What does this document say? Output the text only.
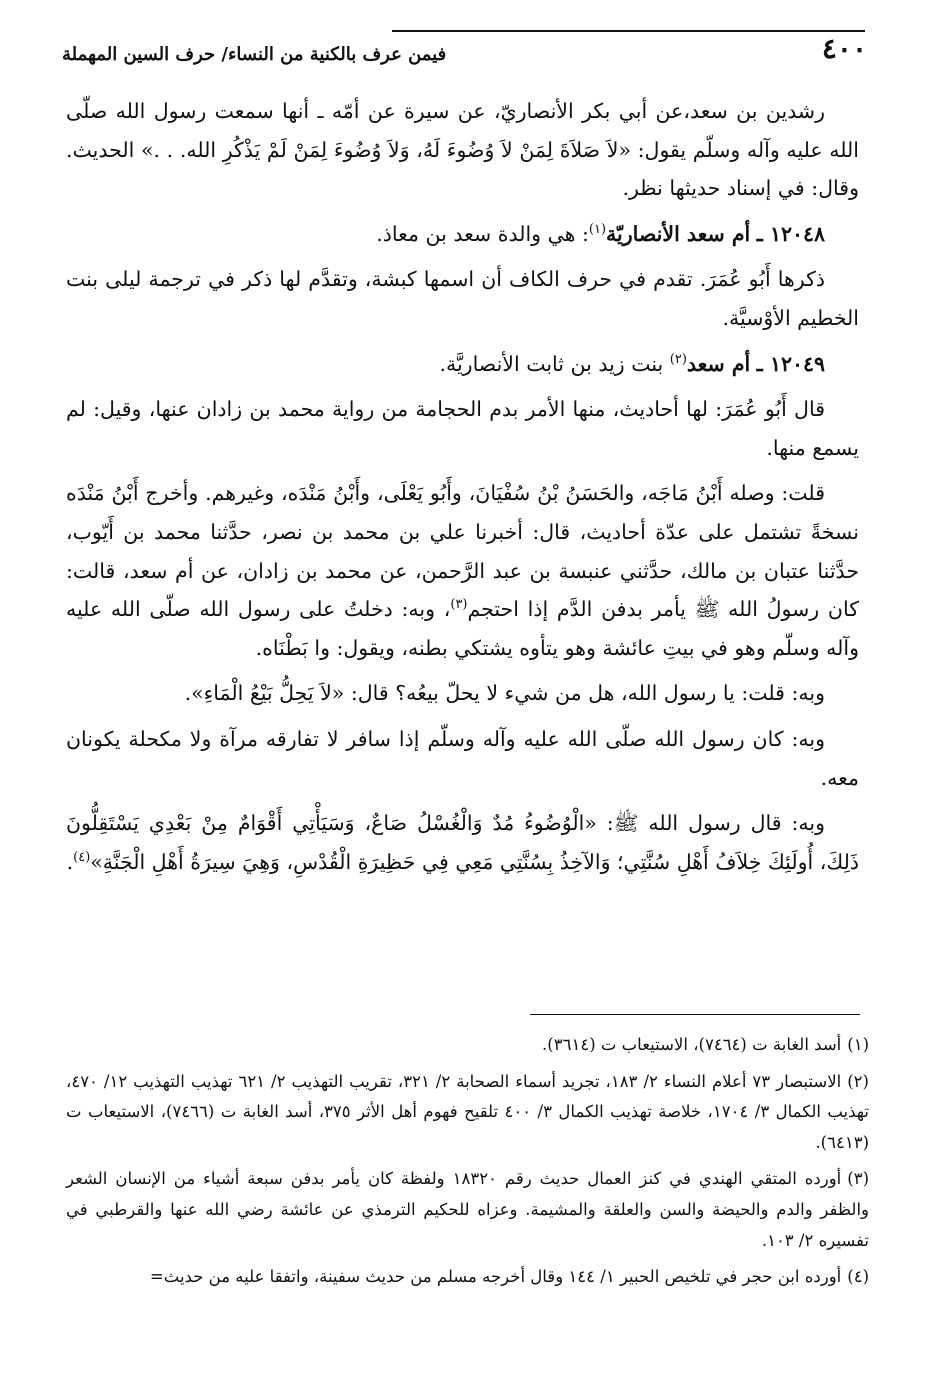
٤٠٠
فيمن عرف بالكنية من النساء/ حرف السين المهملة

رشدين بن سعد،عن أبي بكر الأنصاريّ، عن سيرة عن أمّه ـ أنها سمعت رسول الله صلّى الله عليه وآله وسلّم يقول: «لاَ صَلاَةَ لِمَنْ لاَ وُضُوءَ لَهُ، وَلاَ وُضُوءَ لِمَنْ لَمْ يَذْكُرِ الله. . .» الحديث. وقال: في إسناد حديثها نظر.

١٢٠٤٨ ـ أم سعد الأنصاريّة$^{(١)}$: هي والدة سعد بن معاذ.

ذكرها أَبُو عُمَرَ. تقدم في حرف الكاف أن اسمها كبشة، وتقدَّم لها ذكر في ترجمة ليلى بنت الخطيم الأوْسيَّة.

١٢٠٤٩ ـ أم سعد$^{(٢)}$ بنت زيد بن ثابت الأنصاريَّة.

قال أَبُو عُمَرَ: لها أحاديث، منها الأمر بدم الحجامة من رواية محمد بن زادان عنها، وقيل: لم يسمع منها.

قلت: وصله أَبْنُ مَاجَه، والحَسَنُ بْنُ سُفْيَانَ، وأَبُو يَعْلَى، وأَبْنُ مَنْدَه، وغيرهم. وأخرج أَبْنُ مَنْدَه نسخةً تشتمل على عدّة أحاديث، قال: أخبرنا علي بن محمد بن نصر، حدَّثنا محمد بن أَيّوب، حدَّثنا عتبان بن مالك، حدَّثني عنبسة بن عبد الرَّحمن، عن محمد بن زادان، عن أم سعد، قالت: كان رسولُ الله ﷺ يأمر بدفن الدَّم إذا احتجم$^{(٣)}$، وبه: دخلتُ على رسول الله صلّى الله عليه وآله وسلّم وهو في بيتِ عائشة وهو يتأوه يشتكي بطنه، ويقول: وا بَطْنَاه.

وبه: قلت: يا رسول الله، هل من شيء لا يحلّ بيعُه؟ قال: «لاَ يَحِلُّ بَيْعُ الْمَاءِ».

وبه: كان رسول الله صلّى الله عليه وآله وسلّم إذا سافر لا تفارقه مرآة ولا مكحلة يكونان معه.

وبه: قال رسول الله ﷺ: «الْوُضُوءُ مُدٌ وَالْغُسْلُ صَاعٌ، وَسَيَأْتِي أَقْوَامٌ مِنْ بَعْدِي يَسْتَقِلُّونَ ذَلِكَ، أُولَئِكَ خِلاَفُ أَهْلِ سُنَّتِي؛ وَالآخِذُ بِسُنَّتِي مَعِي فِي حَظِيرَةِ الْقُدْسِ، وَهِيَ سِيرَةُ أَهْلِ الْجَنَّةِ»$^{(٤)}$.

(١)أسد الغابة ت (٧٤٦٤)، الاستيعاب ت (٣٦١٤).

(٢)الاستبصار ٧٣ أعلام النساء ٢/ ١٨٣، تجريد أسماء الصحابة ٢/ ٣٢١، تقريب التهذيب ٢/ ٦٢١ تهذيب التهذيب ١٢/ ٤٧٠، تهذيب الكمال ٣/ ١٧٠٤، خلاصة تهذيب الكمال ٣/ ٤٠٠ تلقيح فهوم أهل الأثر ٣٧٥، أسد الغابة ت (٧٤٦٦)، الاستيعاب ت (٦٤١٣).

(٣)أورده المتقي الهندي في كنز العمال حديث رقم ١٨٣٢٠ ولفظة كان يأمر بدفن سبعة أشياء من الإنسان الشعر والظفر والدم والحيضة والسن والعلقة والمشيمة. وعزاه للحكيم الترمذي عن عائشة رضي الله عنها والقرطبي في تفسيره ٢/ ١٠٣.

(٤)أورده ابن حجر في تلخيص الحبير ١/ ١٤٤ وقال أخرجه مسلم من حديث سفينة، واتفقا عليه من حديث=
